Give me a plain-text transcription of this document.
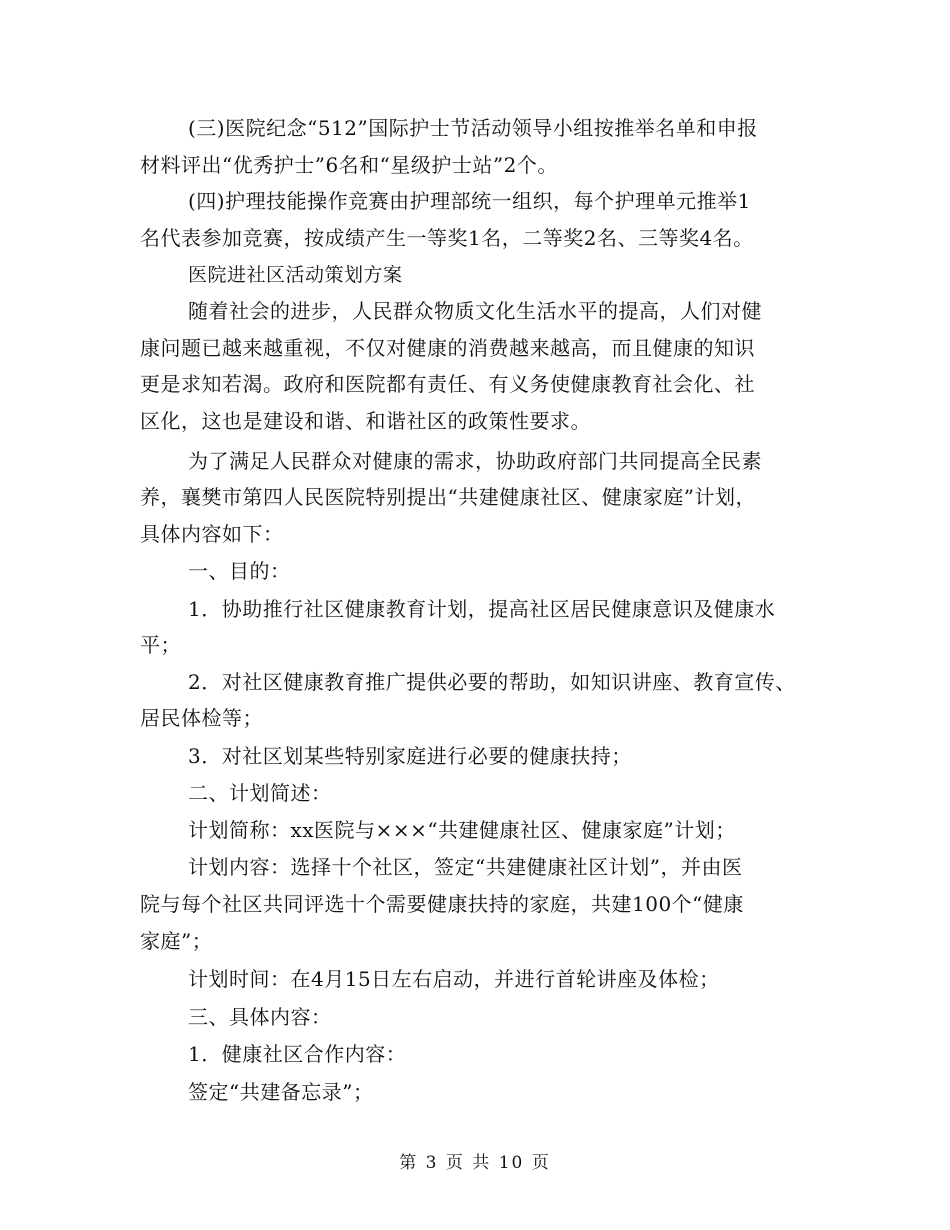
(三)医院纪念“512”国际护士节活动领导小组按推举名单和申报
材料评出“优秀护士”6名和“星级护士站”2个。
(四)护理技能操作竞赛由护理部统一组织，每个护理单元推举1
名代表参加竞赛，按成绩产生一等奖1名，二等奖2名、三等奖4名。
医院进社区活动策划方案
随着社会的进步，人民群众物质文化生活水平的提高，人们对健
康问题已越来越重视，不仅对健康的消费越来越高，而且健康的知识
更是求知若渴。政府和医院都有责任、有义务使健康教育社会化、社
区化，这也是建设和谐、和谐社区的政策性要求。
为了满足人民群众对健康的需求，协助政府部门共同提高全民素
养，襄樊市第四人民医院特别提出“共建健康社区、健康家庭”计划，
具体内容如下：
一、目的：
1．协助推行社区健康教育计划，提高社区居民健康意识及健康水
平；
2．对社区健康教育推广提供必要的帮助，如知识讲座、教育宣传、
居民体检等；
3．对社区划某些特别家庭进行必要的健康扶持；
二、计划简述：
计划简称：xx医院与×××“共建健康社区、健康家庭”计划；
计划内容：选择十个社区，签定“共建健康社区计划”，并由医
院与每个社区共同评选十个需要健康扶持的家庭，共建100个“健康
家庭”；
计划时间：在4月15日左右启动，并进行首轮讲座及体检；
三、具体内容：
1．健康社区合作内容：
签定“共建备忘录”；
第 3 页 共 10 页
